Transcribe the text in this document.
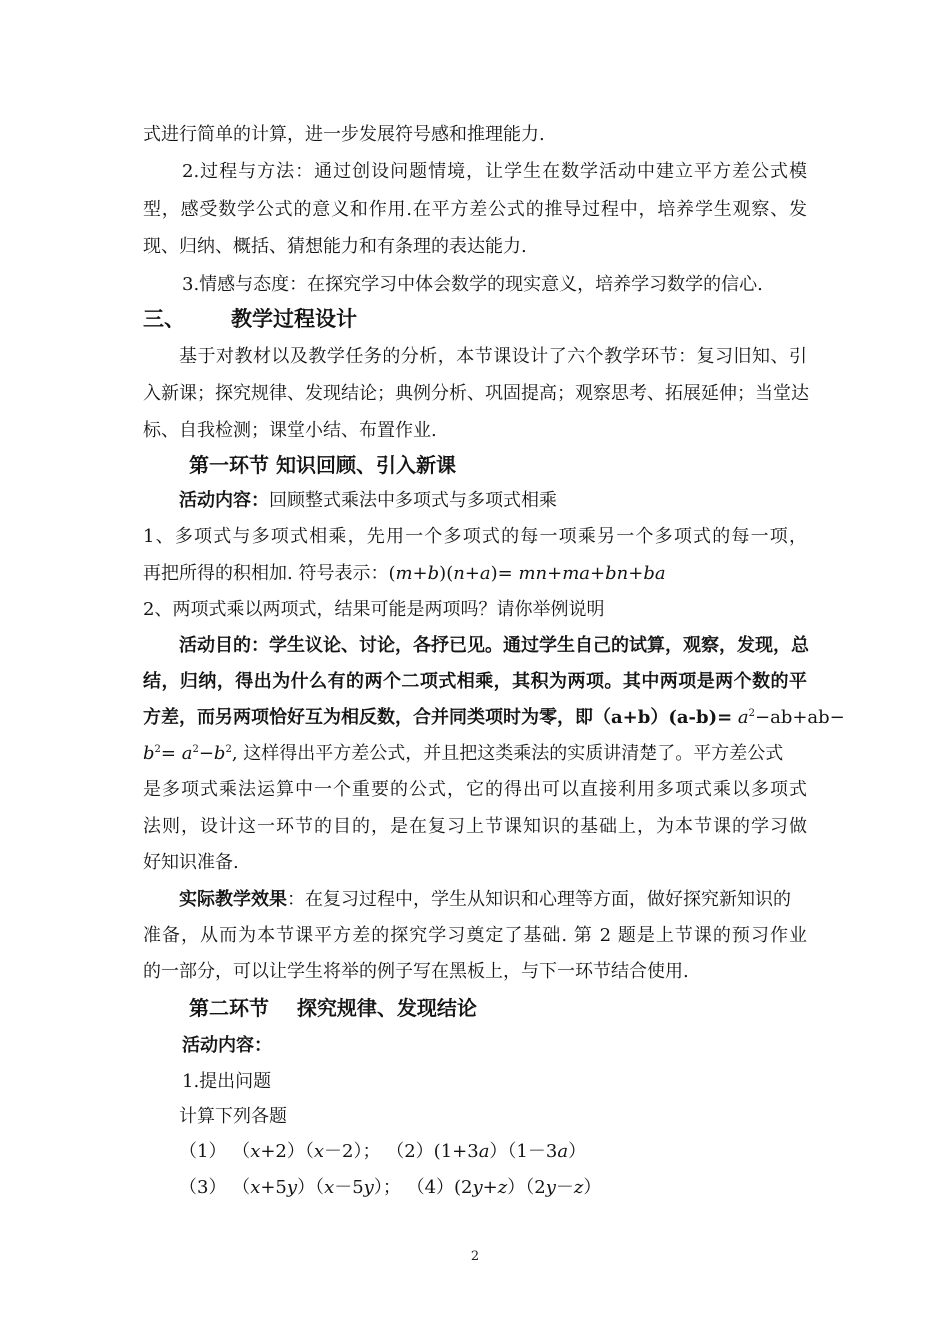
式进行简单的计算，进一步发展符号感和推理能力.
2.过程与方法：通过创设问题情境，让学生在数学活动中建立平方差公式模
型，感受数学公式的意义和作用.在平方差公式的推导过程中，培养学生观察、发
现、归纳、概括、猜想能力和有条理的表达能力.
3.情感与态度：在探究学习中体会数学的现实意义，培养学习数学的信心.
三、 教学过程设计
基于对教材以及教学任务的分析，本节课设计了六个教学环节：复习旧知、引
入新课；探究规律、发现结论；典例分析、巩固提高；观察思考、拓展延伸；当堂达
标、自我检测；课堂小结、布置作业.
第一环节 知识回顾、引入新课
活动内容：回顾整式乘法中多项式与多项式相乘
1、多项式与多项式相乘，先用一个多项式的每一项乘另一个多项式的每一项，
再把所得的积相加. 符号表示：(m+b)(n+a)= mn+ma+bn+ba
2、两项式乘以两项式，结果可能是两项吗？请你举例说明
活动目的：学生议论、讨论，各抒已见。通过学生自己的试算，观察，发现，总
结，归纳，得出为什么有的两个二项式相乘，其积为两项。其中两项是两个数的平
方差，而另两项恰好互为相反数，合并同类项时为零，即$(a+b)(a-b)= a^2-ab+ab-$
$b^2= a^2-b^2$, 这样得出平方差公式，并且把这类乘法的实质讲清楚了。平方差公式
是多项式乘法运算中一个重要的公式，它的得出可以直接利用多项式乘以多项式
法则，设计这一环节的目的，是在复习上节课知识的基础上，为本节课的学习做
好知识准备.
实际教学效果：在复习过程中，学生从知识和心理等方面，做好探究新知识的
准备，从而为本节课平方差的探究学习奠定了基础. 第 2 题是上节课的预习作业
的一部分，可以让学生将举的例子写在黑板上，与下一环节结合使用.
第二环节    探究规律、发现结论
活动内容：
1.提出问题
计算下列各题
（1） （x+2）（x－2）； （2）(1+3a）（1－3a）
（3） （x+5y）（x－5y）； （4）(2y+z）（2y－z）
2
